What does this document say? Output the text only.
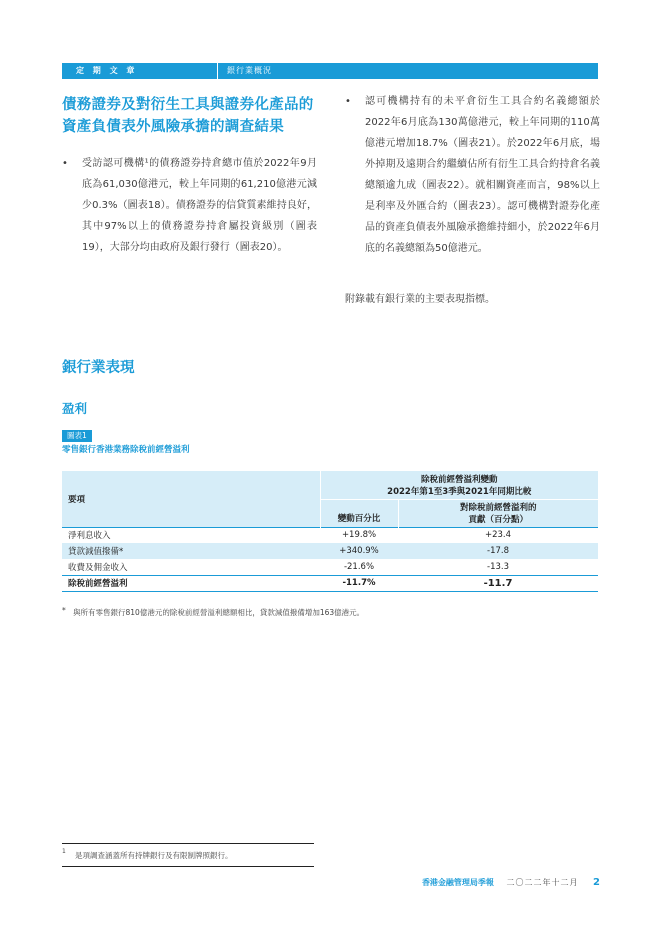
定 期 文 章	銀行業概況
債務證券及對衍生工具與證券化產品的資產負債表外風險承擔的調查結果
•	受訪認可機構¹的債務證券持倉總市值於2022年9月底為61,030億港元，較上年同期的61,210億港元減少0.3%（圖表18）。債務證券的信貸質素維持良好，其中97%以上的債務證券持倉屬投資級別（圖表19），大部分均由政府及銀行發行（圖表20）。
•	認可機構持有的未平倉衍生工具合約名義總額於2022年6月底為130萬億港元，較上年同期的110萬億港元增加18.7%（圖表21）。於2022年6月底，場外掉期及遠期合約繼續佔所有衍生工具合約持倉名義總額逾九成（圖表22）。就相關資產而言，98%以上是利率及外匯合約（圖表23）。認可機構對證券化產品的資產負債表外風險承擔維持細小，於2022年6月底的名義總額為50億港元。
附錄載有銀行業的主要表現指標。
銀行業表現
盈利
圖表1
零售銀行香港業務除稅前經營溢利
要項	除稅前經營溢利變動
2022年第1至3季與2021年同期比較	

	變動百分比	對除稅前經營溢利的
貢獻（百分點）

淨利息收入	+19.8%	+23.4
貸款減值撥備*	+340.9%	-17.8
收費及佣金收入	-21.6%	-13.3
除稅前經營溢利	-11.7%	-11.7
* 與所有零售銀行810億港元的除稅前經營溢利總額相比，貸款減值撥備增加163億港元。
1	是項調查涵蓋所有持牌銀行及有限制牌照銀行。
香港金融管理局季報 二〇二二年十二月 2
